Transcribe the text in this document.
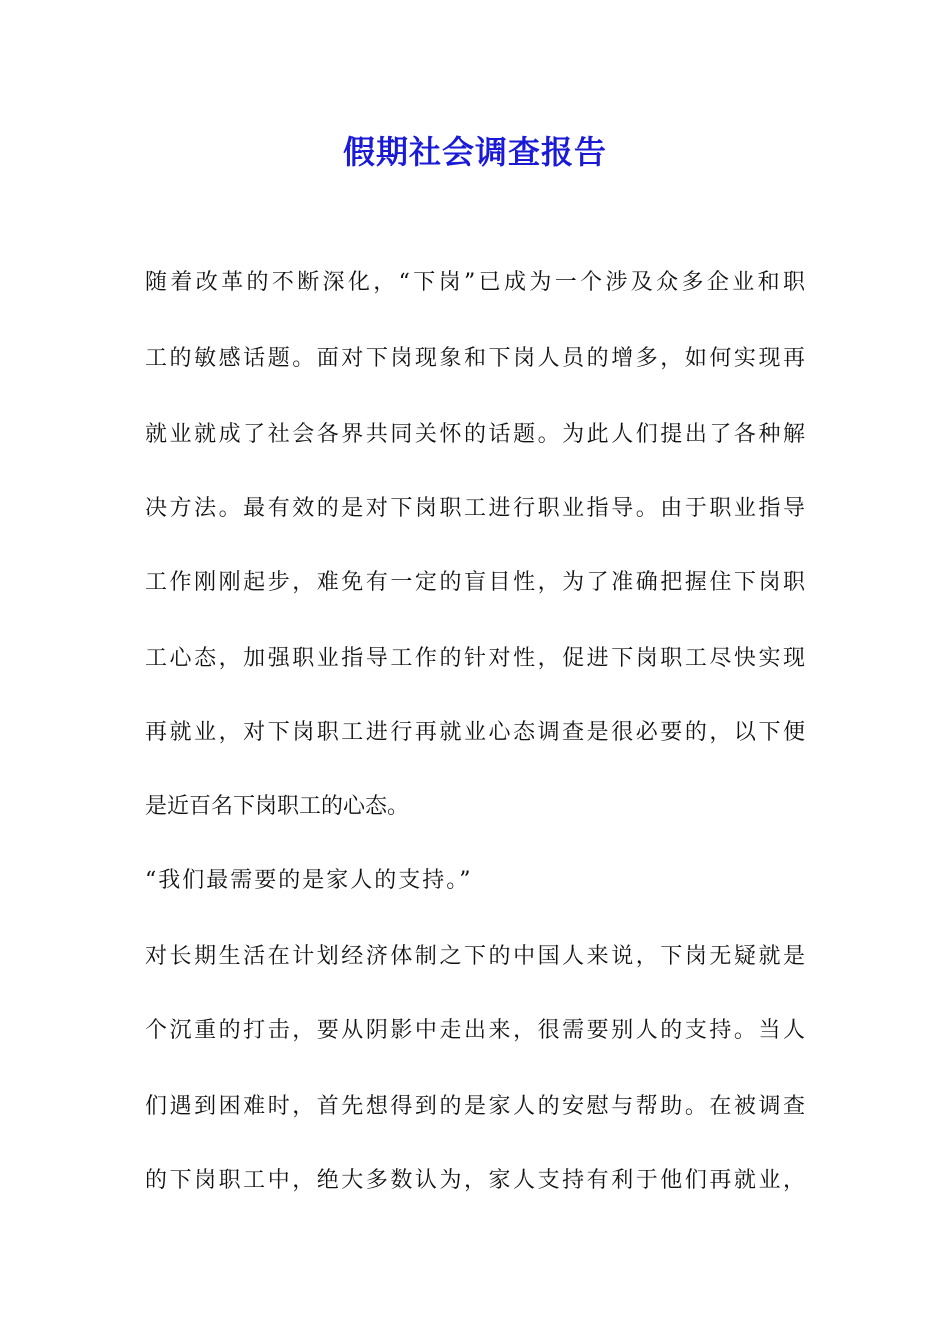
假期社会调查报告

随着改革的不断深化，“下岗”已成为一个涉及众多企业和职

工的敏感话题。面对下岗现象和下岗人员的增多，如何实现再

就业就成了社会各界共同关怀的话题。为此人们提出了各种解

决方法。最有效的是对下岗职工进行职业指导。由于职业指导

工作刚刚起步，难免有一定的盲目性，为了准确把握住下岗职

工心态，加强职业指导工作的针对性，促进下岗职工尽快实现

再就业，对下岗职工进行再就业心态调查是很必要的，以下便

是近百名下岗职工的心态。

“我们最需要的是家人的支持。”

对长期生活在计划经济体制之下的中国人来说，下岗无疑就是

个沉重的打击，要从阴影中走出来，很需要别人的支持。当人

们遇到困难时，首先想得到的是家人的安慰与帮助。在被调查

的下岗职工中，绝大多数认为，家人支持有利于他们再就业，
